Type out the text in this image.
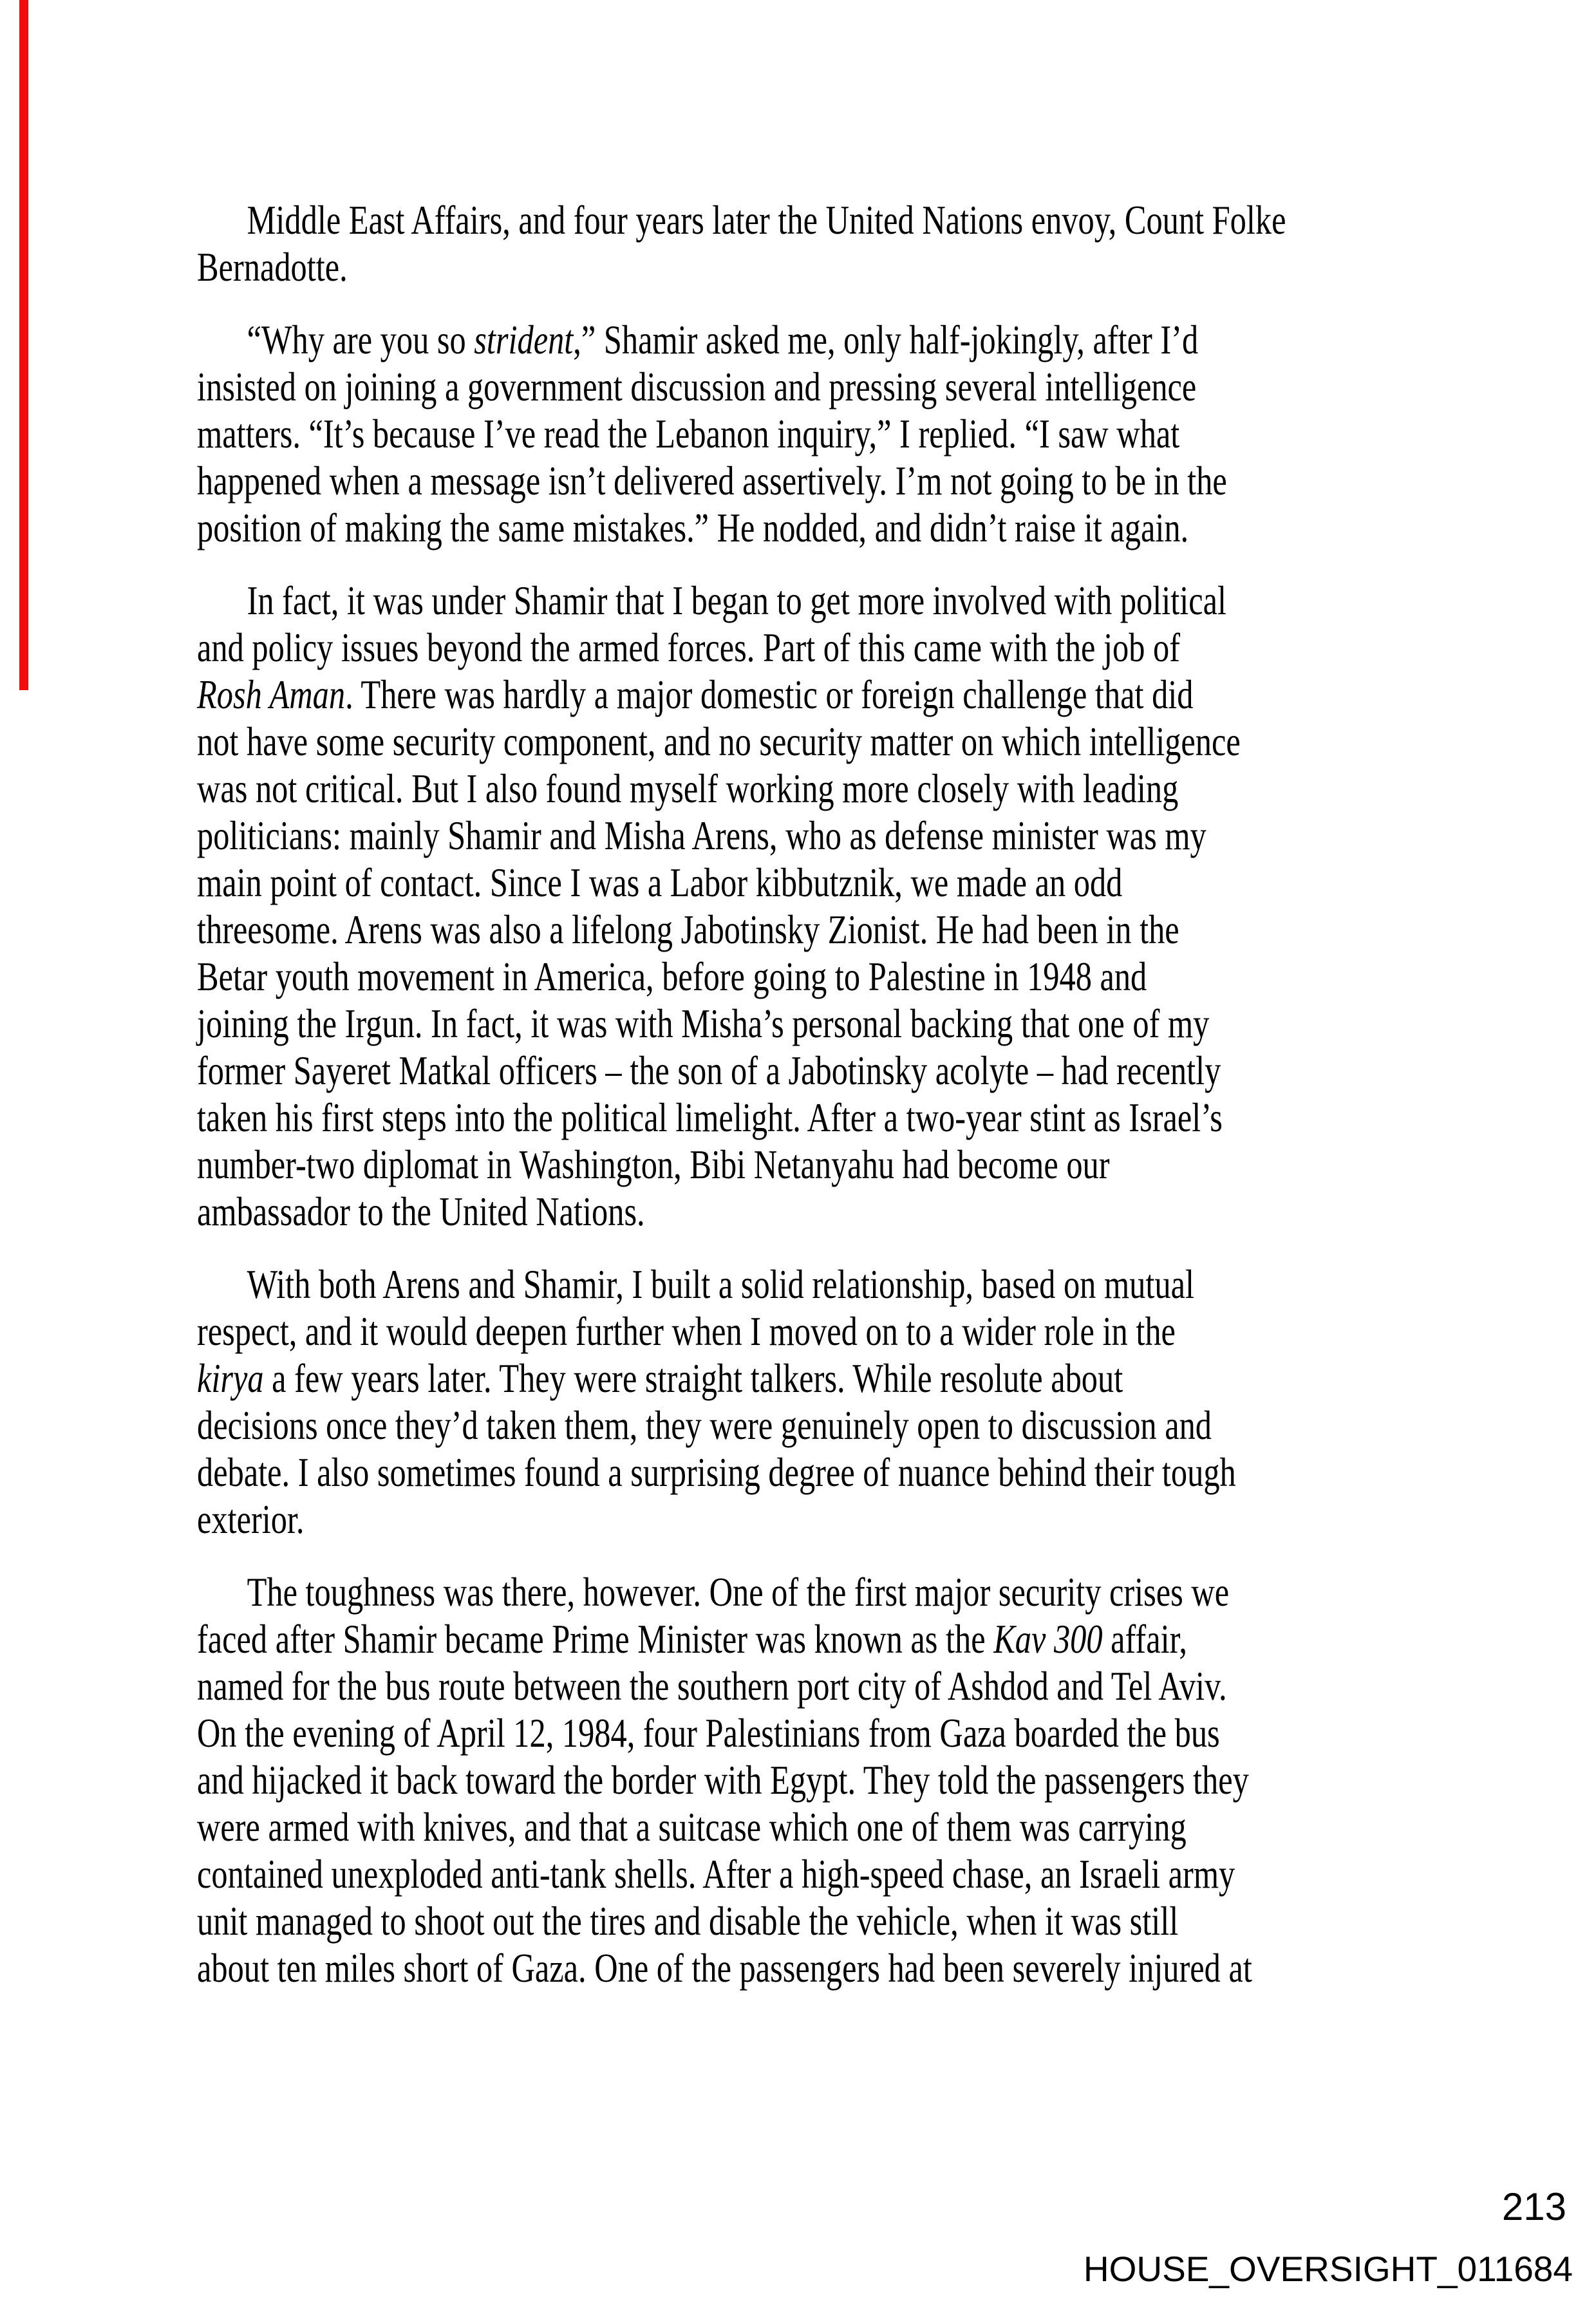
Middle East Affairs, and four years later the United Nations envoy, Count Folke
Bernadotte.
“Why are you so strident,” Shamir asked me, only half-jokingly, after I’d
insisted on joining a government discussion and pressing several intelligence
matters. “It’s because I’ve read the Lebanon inquiry,” I replied. “I saw what
happened when a message isn’t delivered assertively. I’m not going to be in the
position of making the same mistakes.” He nodded, and didn’t raise it again.
In fact, it was under Shamir that I began to get more involved with political
and policy issues beyond the armed forces. Part of this came with the job of
Rosh Aman. There was hardly a major domestic or foreign challenge that did
not have some security component, and no security matter on which intelligence
was not critical. But I also found myself working more closely with leading
politicians: mainly Shamir and Misha Arens, who as defense minister was my
main point of contact. Since I was a Labor kibbutznik, we made an odd
threesome. Arens was also a lifelong Jabotinsky Zionist. He had been in the
Betar youth movement in America, before going to Palestine in 1948 and
joining the Irgun. In fact, it was with Misha’s personal backing that one of my
former Sayeret Matkal officers – the son of a Jabotinsky acolyte – had recently
taken his first steps into the political limelight. After a two-year stint as Israel’s
number-two diplomat in Washington, Bibi Netanyahu had become our
ambassador to the United Nations.
With both Arens and Shamir, I built a solid relationship, based on mutual
respect, and it would deepen further when I moved on to a wider role in the
kirya a few years later. They were straight talkers. While resolute about
decisions once they’d taken them, they were genuinely open to discussion and
debate. I also sometimes found a surprising degree of nuance behind their tough
exterior.
The toughness was there, however. One of the first major security crises we
faced after Shamir became Prime Minister was known as the Kav 300 affair,
named for the bus route between the southern port city of Ashdod and Tel Aviv.
On the evening of April 12, 1984, four Palestinians from Gaza boarded the bus
and hijacked it back toward the border with Egypt. They told the passengers they
were armed with knives, and that a suitcase which one of them was carrying
contained unexploded anti-tank shells. After a high-speed chase, an Israeli army
unit managed to shoot out the tires and disable the vehicle, when it was still
about ten miles short of Gaza. One of the passengers had been severely injured at
213
HOUSE_OVERSIGHT_011684
